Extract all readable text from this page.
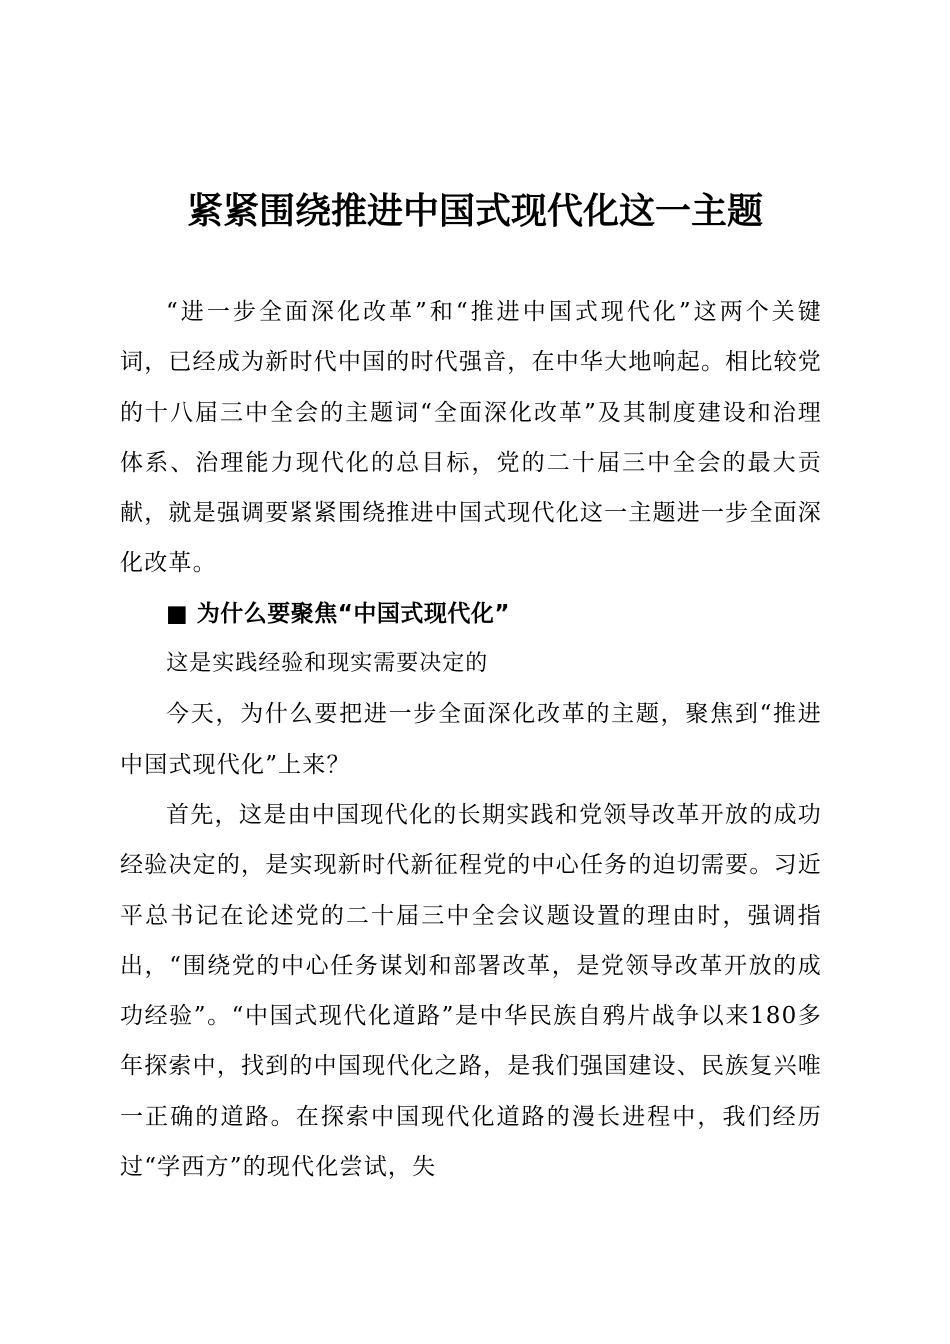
紧紧围绕推进中国式现代化这一主题

“进一步全面深化改革”和“推进中国式现代化”这两个关键词，已经成为新时代中国的时代强音，在中华大地响起。相比较党的十八届三中全会的主题词“全面深化改革”及其制度建设和治理体系、治理能力现代化的总目标，党的二十届三中全会的最大贡献，就是强调要紧紧围绕推进中国式现代化这一主题进一步全面深化改革。

■ 为什么要聚焦“中国式现代化”

这是实践经验和现实需要决定的

今天，为什么要把进一步全面深化改革的主题，聚焦到“推进中国式现代化”上来？

首先，这是由中国现代化的长期实践和党领导改革开放的成功经验决定的，是实现新时代新征程党的中心任务的迫切需要。习近平总书记在论述党的二十届三中全会议题设置的理由时，强调指出，“围绕党的中心任务谋划和部署改革，是党领导改革开放的成功经验”。“中国式现代化道路”是中华民族自鸦片战争以来180多年探索中，找到的中国现代化之路，是我们强国建设、民族复兴唯一正确的道路。在探索中国现代化道路的漫长进程中，我们经历过“学西方”的现代化尝试，失
